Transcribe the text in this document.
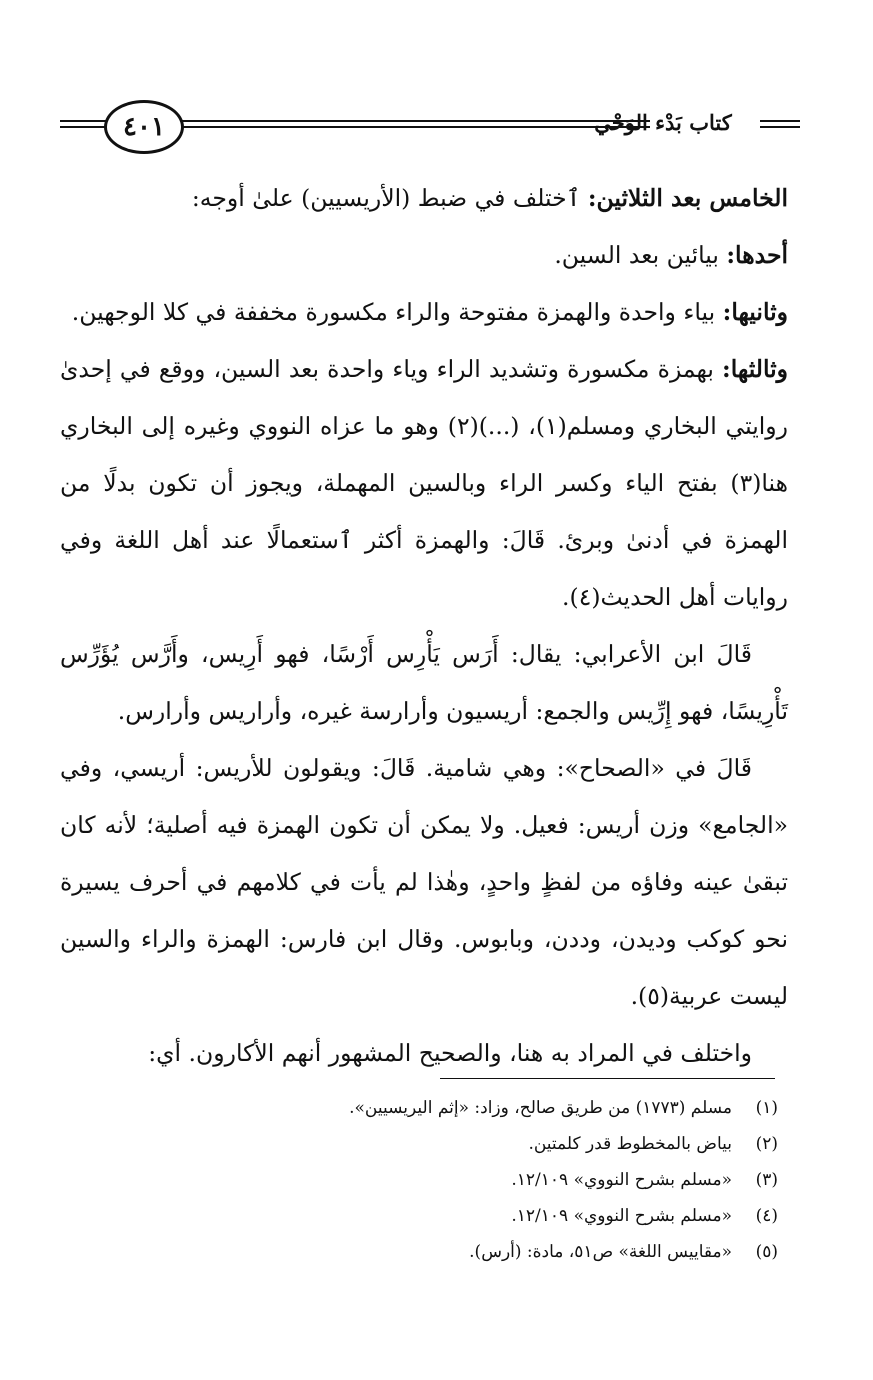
كتاب بَدْء الوَحْي
٤٠١

الخامس بعد الثلاثين: ٱختلف في ضبط (الأريسيين) علىٰ أوجه:

أحدها: بيائين بعد السين.

وثانيها: بياء واحدة والهمزة مفتوحة والراء مكسورة مخففة في كلا الوجهين.

وثالثها: بهمزة مكسورة وتشديد الراء وياء واحدة بعد السين، ووقع في إحدىٰ روايتي البخاري ومسلم(١)، (...)(٢) وهو ما عزاه النووي وغيره إلى البخاري هنا(٣) بفتح الياء وكسر الراء وبالسين المهملة، ويجوز أن تكون بدلًا من الهمزة في أدنىٰ وبرئ. قَالَ: والهمزة أكثر ٱستعمالًا عند أهل اللغة وفي روايات أهل الحديث(٤).

قَالَ ابن الأعرابي: يقال: أَرَس يَأْرِس أَرْسًا، فهو أَرِيس، وأَرَّس يُؤَرِّس تَأْرِيسًا، فهو إِرِّيس والجمع: أريسيون وأرارسة غيره، وأراريس وأرارس.

قَالَ في «الصحاح»: وهي شامية. قَالَ: ويقولون للأريس: أريسي، وفي «الجامع» وزن أريس: فعيل. ولا يمكن أن تكون الهمزة فيه أصلية؛ لأنه كان تبقىٰ عينه وفاؤه من لفظٍ واحدٍ، وهٰذا لم يأت في كلامهم في أحرف يسيرة نحو كوكب وديدن، وددن، وبابوس. وقال ابن فارس: الهمزة والراء والسين ليست عربية(٥).

واختلف في المراد به هنا، والصحيح المشهور أنهم الأكارون. أي:

(١)
مسلم (١٧٧٣) من طريق صالح، وزاد: «إثم اليريسيين».
(٢)
بياض بالمخطوط قدر كلمتين.
(٣)
«مسلم بشرح النووي» ١٢/١٠٩.
(٤)
«مسلم بشرح النووي» ١٢/١٠٩.
(٥)
«مقاييس اللغة» ص٥١، مادة: (أرس).
